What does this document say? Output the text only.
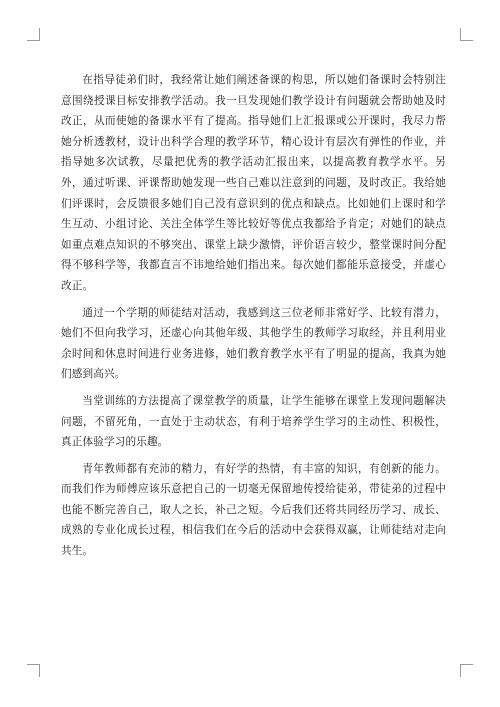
在指导徒弟们时，我经常让她们阐述备课的构思，所以她们备课时会特别注意围绕授课目标安排教学活动。我一旦发现她们教学设计有问题就会帮助她及时改正，从而使她的备课水平有了提高。指导她们上汇报课或公开课时，我尽力帮她分析透教材，设计出科学合理的教学环节，精心设计有层次有弹性的作业，并指导她多次试教，尽量把优秀的教学活动汇报出来，以提高教育教学水平。另外，通过听课、评课帮助她发现一些自己难以注意到的问题，及时改正。我给她们评课时，会反馈很多她们自己没有意识到的优点和缺点。比如她们上课时和学生互动、小组讨论、关注全体学生等比较好等优点我都给予肯定；对她们的缺点如重点难点知识的不够突出、课堂上缺少激情，评价语言较少，整堂课时间分配得不够科学等，我都直言不讳地给她们指出来。每次她们都能乐意接受，并虚心改正。

通过一个学期的师徒结对活动，我感到这三位老师非常好学、比较有潜力，她们不但向我学习，还虚心向其他年级、其他学生的教师学习取经，并且利用业余时间和休息时间进行业务进修，她们教育教学水平有了明显的提高，我真为她们感到高兴。

当堂训练的方法提高了课堂教学的质量，让学生能够在课堂上发现问题解决问题，不留死角，一直处于主动状态，有利于培养学生学习的主动性、积极性，真正体验学习的乐趣。

青年教师都有充沛的精力，有好学的热情，有丰富的知识，有创新的能力。而我们作为师傅应该乐意把自己的一切毫无保留地传授给徒弟，带徒弟的过程中也能不断完善自己，取人之长，补己之短。今后我们还将共同经历学习、成长、成熟的专业化成长过程，相信我们在今后的活动中会获得双赢，让师徒结对走向共生。
